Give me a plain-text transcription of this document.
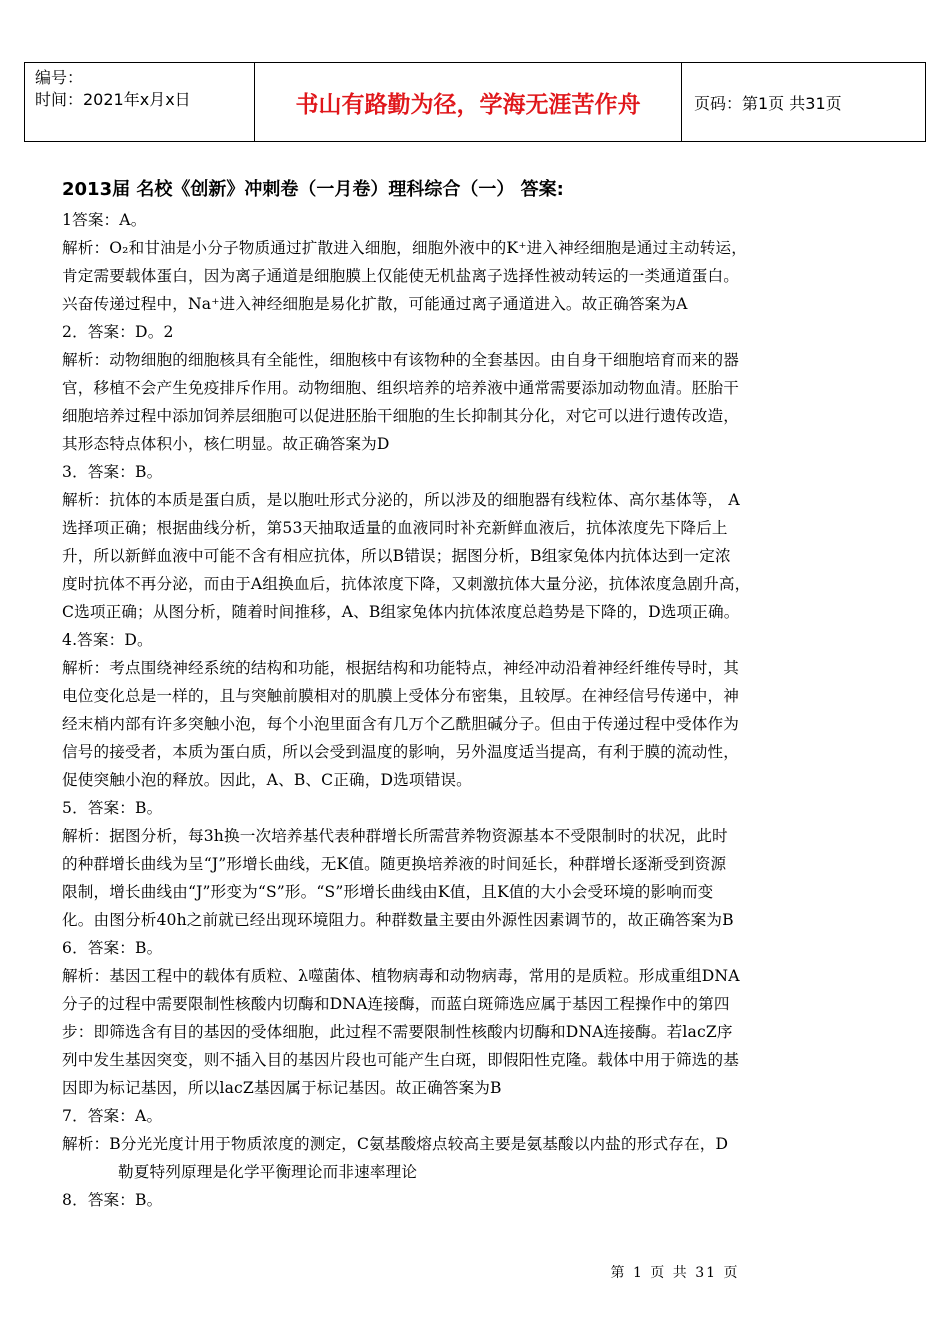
编号：
时间：2021年x月x日	书山有路勤为径，学海无涯苦作舟	页码：第1页 共31页
2013届 名校《创新》冲刺卷（一月卷）理科综合（一） 答案:
1答案：A。
解析：O₂和甘油是小分子物质通过扩散进入细胞，细胞外液中的K⁺进入神经细胞是通过主动转运，
肯定需要载体蛋白，因为离子通道是细胞膜上仅能使无机盐离子选择性被动转运的一类通道蛋白。
兴奋传递过程中，Na⁺进入神经细胞是易化扩散，可能通过离子通道进入。故正确答案为A
2．答案：D。2
解析：动物细胞的细胞核具有全能性，细胞核中有该物种的全套基因。由自身干细胞培育而来的器
官，移植不会产生免疫排斥作用。动物细胞、组织培养的培养液中通常需要添加动物血清。胚胎干
细胞培养过程中添加饲养层细胞可以促进胚胎干细胞的生长抑制其分化，对它可以进行遗传改造，
其形态特点体积小，核仁明显。故正确答案为D
3．答案：B。
解析：抗体的本质是蛋白质，是以胞吐形式分泌的，所以涉及的细胞器有线粒体、高尔基体等， A
选择项正确；根据曲线分析，第53天抽取适量的血液同时补充新鲜血液后，抗体浓度先下降后上
升，所以新鲜血液中可能不含有相应抗体，所以B错误；据图分析，B组家兔体内抗体达到一定浓
度时抗体不再分泌，而由于A组换血后，抗体浓度下降，又刺激抗体大量分泌，抗体浓度急剧升高，
C选项正确；从图分析，随着时间推移，A、B组家兔体内抗体浓度总趋势是下降的，D选项正确。
4.答案：D。
解析：考点围绕神经系统的结构和功能，根据结构和功能特点，神经冲动沿着神经纤维传导时，其
电位变化总是一样的，且与突触前膜相对的肌膜上受体分布密集，且较厚。在神经信号传递中，神
经末梢内部有许多突触小泡，每个小泡里面含有几万个乙酰胆碱分子。但由于传递过程中受体作为
信号的接受者，本质为蛋白质，所以会受到温度的影响，另外温度适当提高，有利于膜的流动性，
促使突触小泡的释放。因此，A、B、C正确，D选项错误。
5．答案：B。
解析：据图分析，每3h换一次培养基代表种群增长所需营养物资源基本不受限制时的状况，此时
的种群增长曲线为呈“J”形增长曲线，无K值。随更换培养液的时间延长，种群增长逐渐受到资源
限制，增长曲线由“J”形变为“S”形。“S”形增长曲线由K值，且K值的大小会受环境的影响而变
化。由图分析40h之前就已经出现环境阻力。种群数量主要由外源性因素调节的，故正确答案为B
6．答案：B。
解析：基因工程中的载体有质粒、λ噬菌体、植物病毒和动物病毒，常用的是质粒。形成重组DNA
分子的过程中需要限制性核酸内切酶和DNA连接酶，而蓝白斑筛选应属于基因工程操作中的第四
步：即筛选含有目的基因的受体细胞，此过程不需要限制性核酸内切酶和DNA连接酶。若lacZ序
列中发生基因突变，则不插入目的基因片段也可能产生白斑，即假阳性克隆。载体中用于筛选的基
因即为标记基因，所以lacZ基因属于标记基因。故正确答案为B
7．答案：A。
解析：B分光光度计用于物质浓度的测定，C氨基酸熔点较高主要是氨基酸以内盐的形式存在，D
勒夏特列原理是化学平衡理论而非速率理论
8．答案：B。
第 1 页 共 31 页
